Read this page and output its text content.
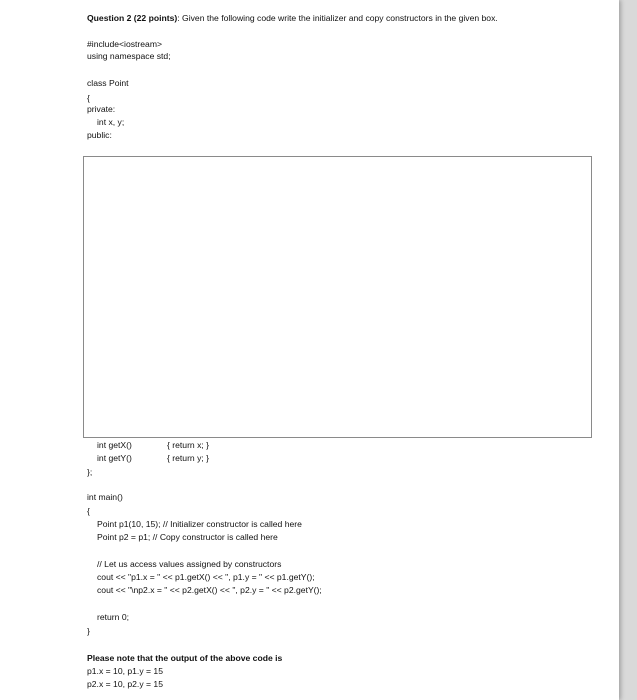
Question 2 (22 points): Given the following code write the initializer and copy constructors in the given box.
#include<iostream>
using namespace std;
class Point
{
private:
int x, y;
public:
int getX()	{ return x; }
int getY()	{ return y; }
};
int main()
{
Point p1(10, 15); // Initializer constructor is called here
Point p2 = p1; // Copy constructor is called here
// Let us access values assigned by constructors
cout << "p1.x = " << p1.getX() << ", p1.y = " << p1.getY();
cout << "\np2.x = " << p2.getX() << ", p2.y = " << p2.getY();
return 0;
}
Please note that the output of the above code is
p1.x = 10, p1.y = 15
p2.x = 10, p2.y = 15
